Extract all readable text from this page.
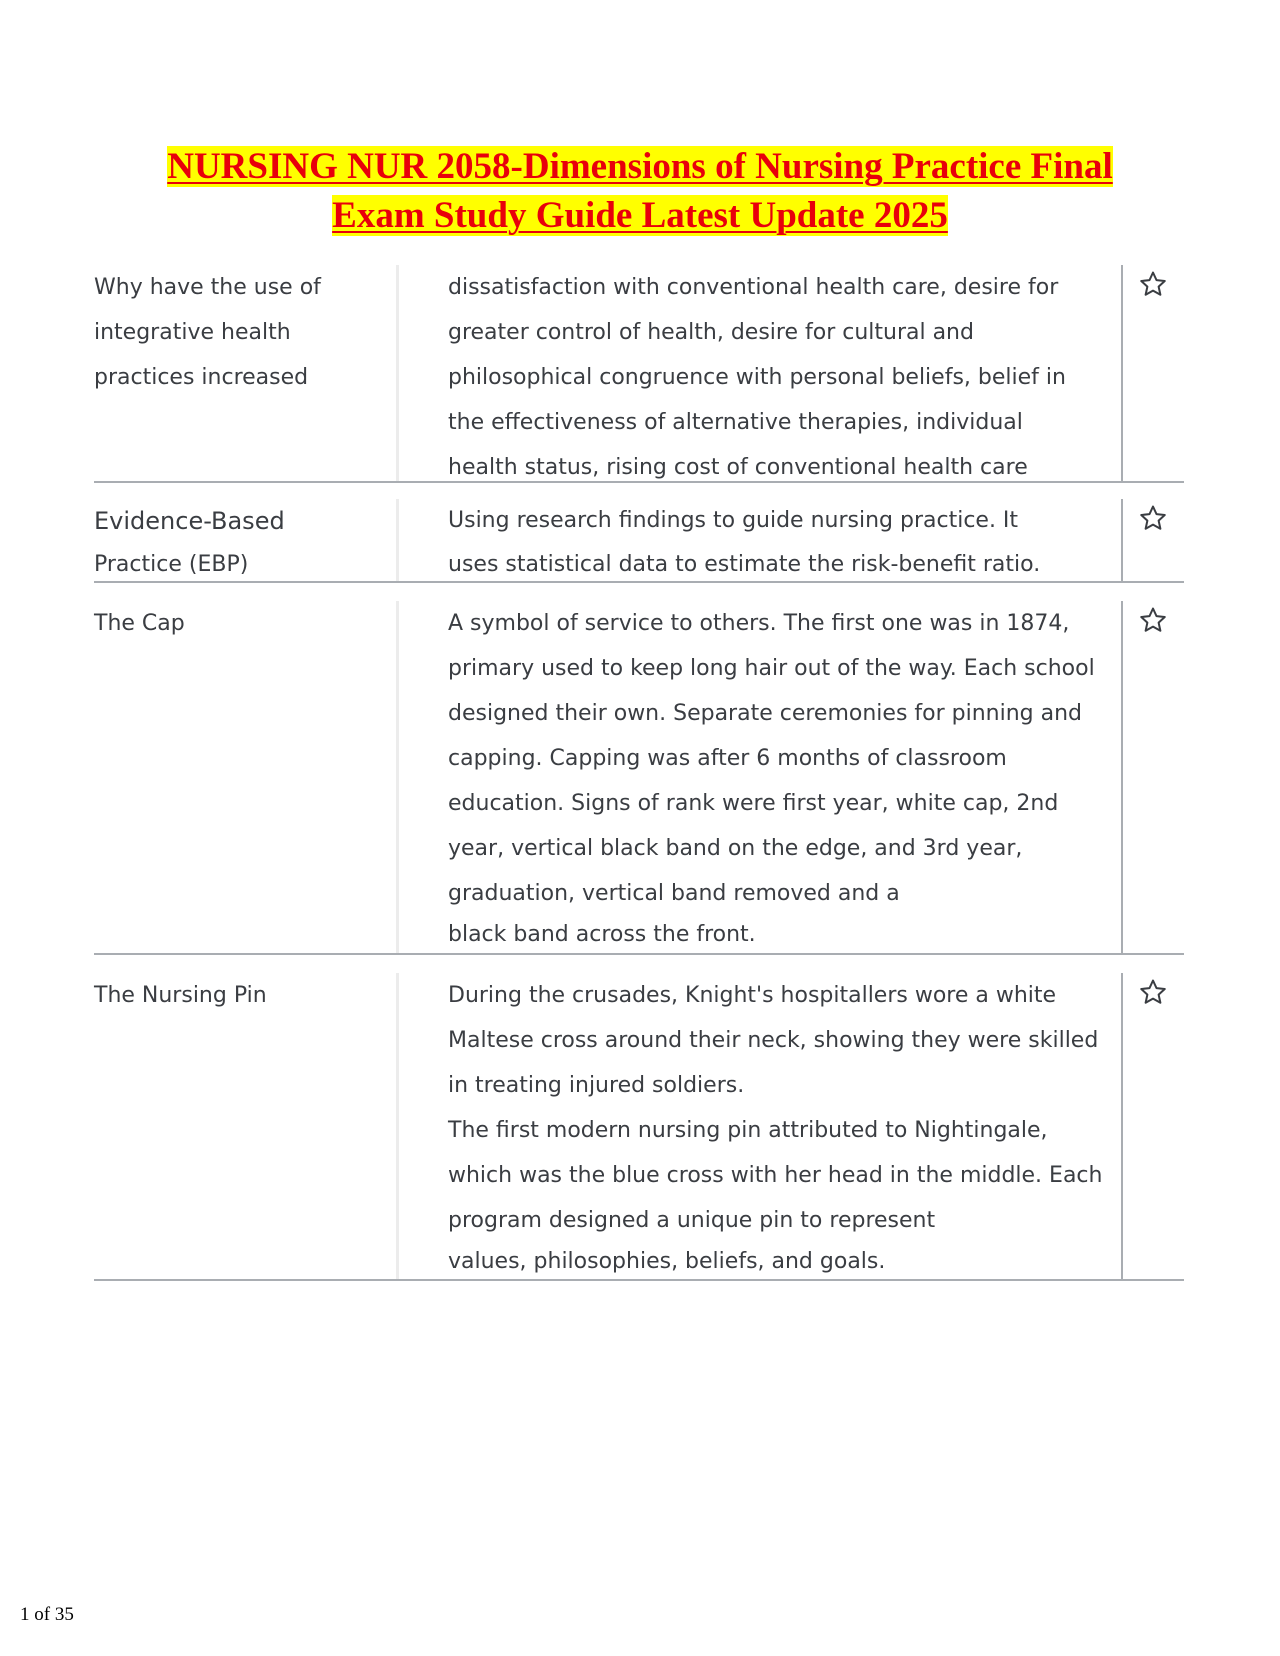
NURSING NUR 2058-Dimensions of Nursing Practice Final
Exam Study Guide Latest Update 2025
Why have the use of
integrative health
practices increased
dissatisfaction with conventional health care, desire for
greater control of health, desire for cultural and
philosophical congruence with personal beliefs, belief in
the effectiveness of alternative therapies, individual
health status, rising cost of conventional health care
Evidence-Based
Practice (EBP)
Using research findings to guide nursing practice. It
uses statistical data to estimate the risk-benefit ratio.
The Cap	A symbol of service to others. The first one was in 1874,
primary used to keep long hair out of the way. Each school
designed their own. Separate ceremonies for pinning and
capping. Capping was after 6 months of classroom
education. Signs of rank were first year, white cap, 2nd
year, vertical black band on the edge, and 3rd year,
graduation, vertical band removed and a
black band across the front.
The Nursing Pin	During the crusades, Knight's hospitallers wore a white
Maltese cross around their neck, showing they were skilled
in treating injured soldiers.
The first modern nursing pin attributed to Nightingale,
which was the blue cross with her head in the middle. Each
program designed a unique pin to represent
values, philosophies, beliefs, and goals.
1 of 35
